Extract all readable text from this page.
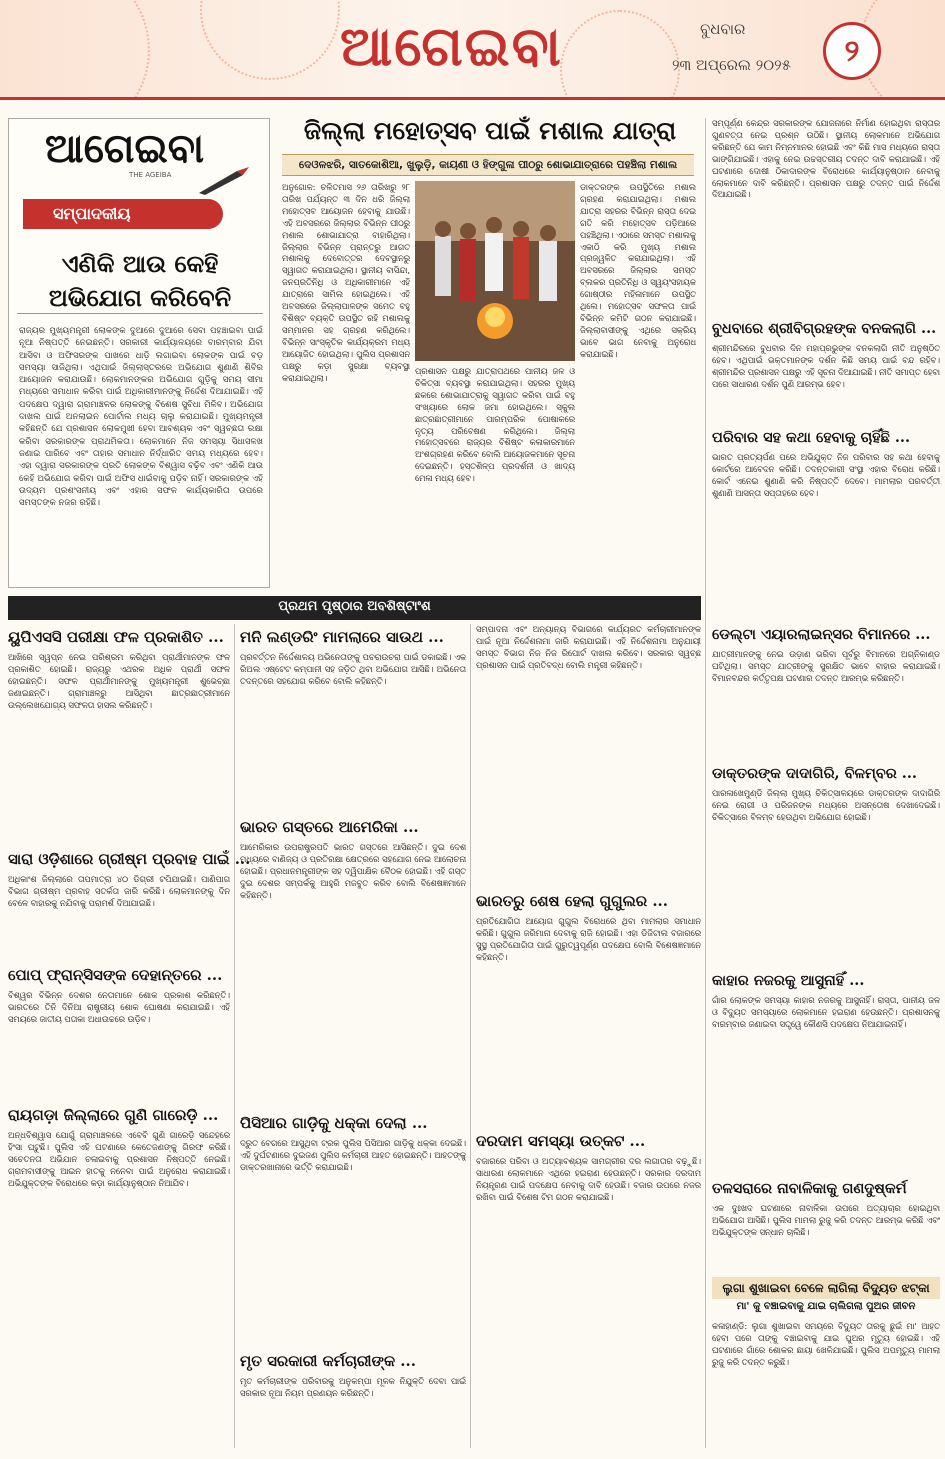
ଆଗେଇବା	ବୁଧବାର
୨୩ ଅପ୍ରେଲ ୨୦୨୫	୨
ଆଗେଇବା
THE AGEIBA
ସମ୍ପାଦକୀୟ
ଏଣିକି ଆଉ କେହି ଅଭିଯୋଗ କରିବେନି
ରାଜ୍ୟର ମୁଖ୍ୟମନ୍ତ୍ରୀ ଲୋକଙ୍କ ଦୁଆରେ ଦୁଆରେ ସେବା ପହଞ୍ଚାଇବା ପାଇଁ ନୂଆ ନିଷ୍ପତ୍ତି ନେଇଛନ୍ତି। ସରକାରୀ କାର୍ଯ୍ୟାଳୟରେ ବାରମ୍ବାର ଯିବା ଆସିବା ଓ ଅଫିସରଙ୍କ ପାଖରେ ଧାଡ଼ି ଲଗାଇବା ଲୋକଙ୍କ ପାଇଁ ବଡ଼ ସମସ୍ୟା ସାଜିଥିଲା। ଏଥିପାଇଁ ଜିଲ୍ଲାସ୍ତରରେ ଅଭିଯୋଗ ଶୁଣାଣି ଶିବିର ଆୟୋଜନ କରାଯାଉଛି। ଲୋକମାନଙ୍କର ଅଭିଯୋଗ ଗୁଡ଼ିକୁ ସମୟ ସୀମା ମଧ୍ୟରେ ସମାଧାନ କରିବା ପାଇଁ ଅଧିକାରୀମାନଙ୍କୁ ନିର୍ଦ୍ଦେଶ ଦିଆଯାଇଛି। ଏହି ପଦକ୍ଷେପ ଦ୍ୱାରା ଗ୍ରାମାଞ୍ଚଳର ଲୋକଙ୍କୁ ବିଶେଷ ସୁବିଧା ମିଳିବ। ଅଭିଯୋଗ ଦାଖଲ ପାଇଁ ଅନଲାଇନ ପୋର୍ଟାଲ ମଧ୍ୟ ଚାଲୁ କରାଯାଇଛି। ମୁଖ୍ୟମନ୍ତ୍ରୀ କହିଛନ୍ତି ଯେ ପ୍ରଶାସନ ଲୋକମୁଖୀ ହେବା ଆବଶ୍ୟକ ଏବଂ ସ୍ୱଚ୍ଛତା ରକ୍ଷା କରିବା ସରକାରଙ୍କ ପ୍ରାଥମିକତା। ଲୋକମାନେ ନିଜ ସମସ୍ୟା ସିଧାସଳଖ ଜଣାଇ ପାରିବେ ଏବଂ ତାହାର ସମାଧାନ ନିର୍ଦ୍ଧାରିତ ସମୟ ମଧ୍ୟରେ ହେବ। ଏହା ଦ୍ୱାରା ସରକାରଙ୍କ ପ୍ରତି ଲୋକଙ୍କ ବିଶ୍ୱାସ ବଢ଼ିବ ଏବଂ ଏଣିକି ଆଉ କେହି ଅଭିଯୋଗ କରିବା ପାଇଁ ଅଫିସ ଧାଇଁବାକୁ ପଡ଼ିବ ନାହିଁ। ସରକାରଙ୍କ ଏହି ଉଦ୍ୟମ ପ୍ରଶଂସନୀୟ ଏବଂ ଏହାର ସଫଳ କାର୍ଯ୍ୟକାରିତା ଉପରେ ସମସ୍ତଙ୍କ ନଜର ରହିଛି।
ଜିଲ୍ଲା ମହୋତ୍ସବ ପାଇଁ ମଶାଲ ଯାତ୍ରା
ଦେଓଳଝରି, ସାତକୋଶିଆ, ଖୁଲୁଡ଼ି, କାୟଣୀ ଓ ହିଙ୍ଗୁଳା ପୀଠରୁ ଶୋଭାଯାତ୍ରାରେ ପହଞ୍ଚିଲା ମଶାଲ
ଅନୁଗୋଳ: ଚଳିତମାସ ୨୬ ତାରିଖରୁ ୨୮ ତାରିଖ ପର୍ଯ୍ୟନ୍ତ ୩ ଦିନ ଧରି ଜିଲ୍ଲା ମହୋତ୍ସବ ଆୟୋଜନ ହେବାକୁ ଯାଉଛି। ଏହି ଅବସରରେ ଜିଲ୍ଲାର ବିଭିନ୍ନ ପୀଠରୁ ମଶାଲ ଶୋଭାଯାତ୍ରା ବାହାରିଥିଲା। ଜିଲ୍ଲାର ବିଭିନ୍ନ ପ୍ରାନ୍ତରୁ ଆଗତ ମଶାଲକୁ ଦେବୋତ୍ତର ଦେବସ୍ଥାନରୁ ସ୍ୱାଗତ କରାଯାଇଥିଲା। ସ୍ଥାନୀୟ ବାସିନ୍ଦା, ଜନପ୍ରତିନିଧି ଓ ଅଧିକାରୀମାନେ ଏହି ଯାତ୍ରାରେ ସାମିଲ ହୋଇଥିଲେ। ଏହି ଅବସରରେ ଜିଲ୍ଲାପାଳଙ୍କ ସମେତ ବହୁ ବିଶିଷ୍ଟ ବ୍ୟକ୍ତି ଉପସ୍ଥିତ ରହି ମଶାଲକୁ ସମ୍ମାନର ସହ ଗ୍ରହଣ କରିଥିଲେ। ବିଭିନ୍ନ ସାଂସ୍କୃତିକ କାର୍ଯ୍ୟକ୍ରମ ମଧ୍ୟ ଆୟୋଜିତ ହୋଇଥିଲା। ପୁଲିସ ପ୍ରଶାସନ ପକ୍ଷରୁ କଡ଼ା ସୁରକ୍ଷା ବ୍ୟବସ୍ଥା କରାଯାଇଥିଲା।
ପ୍ରଶାସନ ପକ୍ଷରୁ ଯାତ୍ରାପଥରେ ପାନୀୟ ଜଳ ଓ ଚିକିତ୍ସା ବ୍ୟବସ୍ଥା କରାଯାଇଥିଲା। ସହରର ମୁଖ୍ୟ ଛକରେ ଶୋଭାଯାତ୍ରାକୁ ସ୍ୱାଗତ କରିବା ପାଇଁ ବହୁ ସଂଖ୍ୟାରେ ଲୋକ ଜମା ହୋଇଥିଲେ। ସ୍କୁଲ ଛାତ୍ରଛାତ୍ରୀମାନେ ପାରମ୍ପରିକ ପୋଷାକରେ ନୃତ୍ୟ ପରିବେଷଣ କରିଥିଲେ। ଜିଲ୍ଲା ମହୋତ୍ସବରେ ରାଜ୍ୟର ବିଶିଷ୍ଟ କଳାକାରମାନେ ଅଂଶଗ୍ରହଣ କରିବେ ବୋଲି ଆୟୋଜକମାନେ ସୂଚନା ଦେଇଛନ୍ତି। ହସ୍ତଶିଳ୍ପ ପ୍ରଦର୍ଶନୀ ଓ ଖାଦ୍ୟ ମେଳା ମଧ୍ୟ ହେବ।
ଡାକ୍ତରଙ୍କ ଉପସ୍ଥିତିରେ ମଶାଲ ଗ୍ରହଣ କରାଯାଇଥିଲା। ମଶାଲ ଯାତ୍ରା ସହରର ବିଭିନ୍ନ ରାସ୍ତା ଦେଇ ଗତି କରି ମହୋତ୍ସବ ପଡ଼ିଆରେ ପହଞ୍ଚିଥିଲା। ଏଠାରେ ସମସ୍ତ ମଶାଲକୁ ଏକାଠି କରି ମୁଖ୍ୟ ମଶାଲ ପ୍ରଜ୍ୱଳିତ କରାଯାଇଥିଲା। ଏହି ଅବସରରେ ଜିଲ୍ଲାର ସମସ୍ତ ବ୍ଲକର ପ୍ରତିନିଧି ଓ ସ୍ୱୟଂସହାୟକ ଗୋଷ୍ଠୀର ମହିଳାମାନେ ଉପସ୍ଥିତ ଥିଲେ। ମହୋତ୍ସବ ସଫଳତା ପାଇଁ ବିଭିନ୍ନ କମିଟି ଗଠନ କରାଯାଇଛି। ଜିଲ୍ଲାବାସୀଙ୍କୁ ଏଥିରେ ସକ୍ରିୟ ଭାବେ ଭାଗ ନେବାକୁ ଅନୁରୋଧ କରାଯାଇଛି।
ସମ୍ପୂର୍ଣ୍ଣ କେନ୍ଦ୍ର ସରକାରଙ୍କ ଯୋଜନାରେ ନିର୍ମାଣ ହୋଇଥିବା ରାସ୍ତାର ଗୁଣବତ୍ତା ନେଇ ପ୍ରଶ୍ନ ଉଠିଛି। ସ୍ଥାନୀୟ ଲୋକମାନେ ଅଭିଯୋଗ କରିଛନ୍ତି ଯେ କାମ ନିମ୍ନମାନର ହୋଇଛି ଏବଂ କିଛି ମାସ ମଧ୍ୟରେ ରାସ୍ତା ଭାଙ୍ଗିଯାଇଛି। ଏହାକୁ ନେଇ ଉଚ୍ଚସ୍ତରୀୟ ତଦନ୍ତ ଦାବି କରାଯାଇଛି। ଏହି ଘଟଣାରେ ଦୋଷୀ ଠିକାଦାରଙ୍କ ବିରୋଧରେ କାର୍ଯ୍ୟାନୁଷ୍ଠାନ ନେବାକୁ ଲୋକମାନେ ଦାବି କରିଛନ୍ତି। ପ୍ରଶାସନ ପକ୍ଷରୁ ତଦନ୍ତ ପାଇଁ ନିର୍ଦ୍ଦେଶ ଦିଆଯାଇଛି।
ବୁଧବାରେ ଶ୍ରୀବିଗ୍ରହଙ୍କ ବନକଲାଗି ...
ଶ୍ରୀମନ୍ଦିରରେ ବୁଧବାର ଦିନ ମହାପ୍ରଭୁଙ୍କ ବନକଲାଗି ନୀତି ଅନୁଷ୍ଠିତ ହେବ। ଏଥିପାଇଁ ଭକ୍ତମାନଙ୍କ ଦର୍ଶନ କିଛି ସମୟ ପାଇଁ ବନ୍ଦ ରହିବ। ଶ୍ରୀମନ୍ଦିର ପ୍ରଶାସନ ପକ୍ଷରୁ ଏହି ସୂଚନା ଦିଆଯାଇଛି। ନୀତି ସମାପ୍ତ ହେବା ପରେ ସାଧାରଣ ଦର୍ଶନ ପୁଣି ଆରମ୍ଭ ହେବ।
ପରିବାର ସହ କଥା ହେବାକୁ ଚାହିଁଛି ...
ଭାରତ ପ୍ରତ୍ୟର୍ପଣ ପରେ ଅଭିଯୁକ୍ତ ନିଜ ପରିବାର ସହ କଥା ହେବାକୁ କୋର୍ଟରେ ଆବେଦନ କରିଛି। ତଦନ୍ତକାରୀ ସଂସ୍ଥା ଏହାର ବିରୋଧ କରିଛି। କୋର୍ଟ ଏନେଇ ଶୁଣାଣି କରି ନିଷ୍ପତ୍ତି ଦେବେ। ମାମଲାର ପରବର୍ତ୍ତୀ ଶୁଣାଣି ଆସନ୍ତା ସପ୍ତାହରେ ହେବ।
ଡେଲ୍ଟା ଏୟାରଲାଇନ୍ସର ବିମାନରେ ...
ଯାତ୍ରୀମାନଙ୍କୁ ନେଇ ଉଡ଼ାଣ ଭରିବା ପୂର୍ବରୁ ବିମାନରେ ଅଗ୍ନିକାଣ୍ଡ ଘଟିଥିଲା। ସମସ୍ତ ଯାତ୍ରୀଙ୍କୁ ସୁରକ୍ଷିତ ଭାବେ ବାହାର କରାଯାଇଛି। ବିମାନବନ୍ଦର କର୍ତ୍ତୃପକ୍ଷ ଘଟଣାର ତଦନ୍ତ ଆରମ୍ଭ କରିଛନ୍ତି।
ଡାକ୍ତରଙ୍କ ଦାଦାଗିରି, ବିଳମ୍ବର ...
ପାରଳାଖେମୁଣ୍ଡି ଜିଲ୍ଲା ମୁଖ୍ୟ ଚିକିତ୍ସାଳୟରେ ଡାକ୍ତରଙ୍କ ଦାଦାଗିରି ନେଇ ରୋଗୀ ଓ ପରିଜନଙ୍କ ମଧ୍ୟରେ ଅସନ୍ତୋଷ ଦେଖାଦେଇଛି। ଚିକିତ୍ସାରେ ବିଳମ୍ବ ହେଉଥିବା ଅଭିଯୋଗ ହୋଇଛି।
କାହାର ନଜରକୁ ଆସୁନାହିଁ ...
ଗାଁର ଲୋକଙ୍କ ସମସ୍ୟା କାହାର ନଜରକୁ ଆସୁନାହିଁ। ରାସ୍ତା, ପାନୀୟ ଜଳ ଓ ବିଦ୍ୟୁତ ସମସ୍ୟାରେ ଲୋକମାନେ ହଇରାଣ ହେଉଛନ୍ତି। ପ୍ରଶାସନକୁ ବାରମ୍ବାର ଜଣାଇବା ସତ୍ତ୍ୱେ କୌଣସି ପଦକ୍ଷେପ ନିଆଯାଇନାହିଁ।
ତଳସରାରେ ନାବାଳିକାକୁ ଗଣଦୁଷ୍କର୍ମ
ଏକ ଦୁଃଖଦ ଘଟଣାରେ ନାବାଳିକା ଉପରେ ଅତ୍ୟାଚାର ହୋଇଥିବା ଅଭିଯୋଗ ଆସିଛି। ପୁଲିସ ମାମଲା ରୁଜୁ କରି ତଦନ୍ତ ଆରମ୍ଭ କରିଛି ଏବଂ ଅଭିଯୁକ୍ତଙ୍କ ସନ୍ଧାନ ଚାଲିଛି।
ଲୁଗା ଶୁଖାଇବା ବେଳେ ଲାଗିଲା ବିଦ୍ୟୁତ ଝଟ୍କା
ମା' କୁ ବଞ୍ଚାଇବାକୁ ଯାଇ ଚାଲିଗଲା ପୁଅର ଜୀବନ
କଳାହାଣ୍ଡି: ଲୁଗା ଶୁଖାଇବା ସମୟରେ ବିଦ୍ୟୁତ ତାରକୁ ଛୁଇଁ ମା' ଆହତ ହେବା ପରେ ତାଙ୍କୁ ବଞ୍ଚାଇବାକୁ ଯାଇ ପୁଅର ମୃତ୍ୟୁ ହୋଇଛି। ଏହି ଘଟଣାରେ ଗାଁରେ ଶୋକର ଛାୟା ଖେଳିଯାଇଛି। ପୁଲିସ ଅପମୃତ୍ୟୁ ମାମଲା ରୁଜୁ କରି ତଦନ୍ତ କରୁଛି।
ପ୍ରଥମ ପୃଷ୍ଠାର ଅବଶିଷ୍ଟାଂଶ
ୟୁପିଏସସି ପରୀକ୍ଷା ଫଳ ପ୍ରକାଶିତ ...
ଆଖିରେ ସ୍ୱପ୍ନ ନେଇ ପରିଶ୍ରମ କରିଥିବା ପ୍ରାର୍ଥୀମାନଙ୍କ ଫଳ ପ୍ରକାଶିତ ହୋଇଛି। ରାଜ୍ୟରୁ ଏଥରକ ଅଧିକ ପ୍ରାର୍ଥୀ ସଫଳ ହୋଇଛନ୍ତି। ସଫଳ ପ୍ରାର୍ଥୀମାନଙ୍କୁ ମୁଖ୍ୟମନ୍ତ୍ରୀ ଶୁଭେଚ୍ଛା ଜଣାଇଛନ୍ତି। ଗ୍ରାମାଞ୍ଚଳରୁ ଆସିଥିବା ଛାତ୍ରଛାତ୍ରୀମାନେ ଉଲ୍ଲେଖଯୋଗ୍ୟ ସଫଳତା ହାସଲ କରିଛନ୍ତି।
ସାରା ଓଡ଼ିଶାରେ ଗ୍ରୀଷ୍ମ ପ୍ରବାହ ପାଇଁ ...
ଅଧିକାଂଶ ଜିଲ୍ଲାରେ ତାପମାତ୍ରା ୪୦ ଡିଗ୍ରୀ ଟପିଯାଇଛି। ପାଣିପାଗ ବିଭାଗ ଗ୍ରୀଷ୍ମ ପ୍ରବାହ ସତର୍କତା ଜାରି କରିଛି। ଲୋକମାନଙ୍କୁ ଦିନ ବେଳେ ବାହାରକୁ ନଯିବାକୁ ପରାମର୍ଶ ଦିଆଯାଇଛି।
ପୋପ୍ ଫ୍ରାନ୍ସିସଙ୍କ ଦେହାନ୍ତରେ ...
ବିଶ୍ୱର ବିଭିନ୍ନ ଦେଶର ନେତାମାନେ ଶୋକ ପ୍ରକାଶ କରିଛନ୍ତି। ଭାରତରେ ତିନି ଦିନିଆ ରାଷ୍ଟ୍ରୀୟ ଶୋକ ଘୋଷଣା କରାଯାଇଛି। ଏହି ସମୟରେ ଜାତୀୟ ପତାକା ଅଧାଉଚ୍ଚରେ ଉଡ଼ିବ।
ରାୟଗଡ଼ା ଜିଲ୍ଲାରେ ଗୁଣି ଗାରେଡ଼ି ...
ଅନ୍ଧବିଶ୍ୱାସ ଯୋଗୁଁ ଗ୍ରାମାଞ୍ଚଳରେ ଏବେବି ଗୁଣି ଗାରେଡ଼ି ସନ୍ଦେହରେ ହିଂସା ଘଟୁଛି। ପୁଲିସ ଏହି ଘଟଣାରେ କେତେଜଣଙ୍କୁ ଗିରଫ କରିଛି। ସଚେତନତା ଅଭିଯାନ ଚଳାଇବାକୁ ପ୍ରଶାସନ ନିଷ୍ପତ୍ତି ନେଇଛି। ଗ୍ରାମବାସୀଙ୍କୁ ଆଇନ ହାତକୁ ନନେବା ପାଇଁ ଅନୁରୋଧ କରାଯାଇଛି। ଅଭିଯୁକ୍ତଙ୍କ ବିରୋଧରେ କଡ଼ା କାର୍ଯ୍ୟାନୁଷ୍ଠାନ ନିଆଯିବ।
ମନି ଲଣ୍ଡରିଂ ମାମଲାରେ ସାଉଥ ...
ପ୍ରବର୍ତ୍ତନ ନିର୍ଦ୍ଦେଶାଳୟ ଅଭିନେତାଙ୍କୁ ପଚରାଉଚରା ପାଇଁ ଡକାଇଛି। ଏକ ରିଅଲ ଏଷ୍ଟେଟ କମ୍ପାନୀ ସହ ଜଡ଼ିତ ଥିବା ଅଭିଯୋଗ ଆସିଛି। ଅଭିନେତା ତଦନ୍ତରେ ସହଯୋଗ କରିବେ ବୋଲି କହିଛନ୍ତି।
ଭାରତ ଗସ୍ତରେ ଆମେରିକା ...
ଆମେରିକାର ଉପରାଷ୍ଟ୍ରପତି ଭାରତ ଗସ୍ତରେ ଆସିଛନ୍ତି। ଦୁଇ ଦେଶ ମଧ୍ୟରେ ବାଣିଜ୍ୟ ଓ ପ୍ରତିରକ୍ଷା କ୍ଷେତ୍ରରେ ସହଯୋଗ ନେଇ ଆଲୋଚନା ହୋଇଛି। ପ୍ରଧାନମନ୍ତ୍ରୀଙ୍କ ସହ ଦ୍ୱିପାକ୍ଷିକ ବୈଠକ ହୋଇଛି। ଏହି ଗସ୍ତ ଦୁଇ ଦେଶର ସମ୍ପର୍କକୁ ଆହୁରି ମଜବୁତ କରିବ ବୋଲି ବିଶେଷଜ୍ଞମାନେ କହିଛନ୍ତି।
ପିସିଆର ଗାଡ଼ିକୁ ଧକ୍କା ଦେଲା ...
ଦ୍ରୁତ ବେଗରେ ଆସୁଥିବା ଟ୍ରକ ପୁଲିସ ପିସିଆର ଗାଡ଼ିକୁ ଧକ୍କା ଦେଇଛି। ଏହି ଦୁର୍ଘଟଣାରେ ଦୁଇଜଣ ପୁଲିସ କର୍ମଚାରୀ ଆହତ ହୋଇଛନ୍ତି। ଆହତଙ୍କୁ ଡାକ୍ତରଖାନାରେ ଭର୍ତ୍ତି କରାଯାଇଛି।
ମୃତ ସରକାରୀ କର୍ମଚାରୀଙ୍କ ...
ମୃତ କର୍ମଚାରୀଙ୍କ ପରିବାରକୁ ଅନୁକମ୍ପା ମୂଳକ ନିଯୁକ୍ତି ଦେବା ପାଇଁ ସରକାର ନୂଆ ନିୟମ ପ୍ରଣୟନ କରିଛନ୍ତି।
ସମ୍ପାଦନା ଏବଂ ଅନ୍ୟାନ୍ୟ ବିଭାଗରେ କାର୍ଯ୍ୟରତ କର୍ମଚାରୀମାନଙ୍କ ପାଇଁ ନୂଆ ନିର୍ଦ୍ଦେଶନାମା ଜାରି କରାଯାଇଛି। ଏହି ନିର୍ଦ୍ଦେଶନାମା ଅନୁଯାୟୀ ସମସ୍ତ ବିଭାଗ ନିଜ ନିଜ ରିପୋର୍ଟ ଦାଖଲ କରିବେ। ସରକାର ସ୍ୱଚ୍ଛ ପ୍ରଶାସନ ପାଇଁ ପ୍ରତିବଦ୍ଧ ବୋଲି ମନ୍ତ୍ରୀ କହିଛନ୍ତି।
ଭାରତରୁ ଶେଷ ହେଲା ଗୁଗୁଲର ...
ପ୍ରତିଯୋଗିତା ଆୟୋଗ ଗୁଗୁଲ ବିରୋଧରେ ଥିବା ମାମଲାର ସମାଧାନ କରିଛି। ଗୁଗୁଲ ଜରିମାନା ଦେବାକୁ ରାଜି ହୋଇଛି। ଏହା ଡିଜିଟାଲ ବଜାରରେ ସୁସ୍ଥ ପ୍ରତିଯୋଗିତା ପାଇଁ ଗୁରୁତ୍ୱପୂର୍ଣ୍ଣ ପଦକ୍ଷେପ ବୋଲି ବିଶେଷଜ୍ଞମାନେ କହିଛନ୍ତି।
ଦରଦାମ ସମସ୍ୟା ଉତ୍କଟ ...
ବଜାରରେ ପରିବା ଓ ଅତ୍ୟାବଶ୍ୟକ ସାମଗ୍ରୀର ଦର ଲଗାତାର ବଢ଼ୁଛି। ସାଧାରଣ ଲୋକମାନେ ଏଥିରେ ହଇରାଣ ହେଉଛନ୍ତି। ସରକାର ଦରଦାମ ନିୟନ୍ତ୍ରଣ ପାଇଁ ପଦକ୍ଷେପ ନେବାକୁ ଦାବି ହେଉଛି। ବଜାର ଉପରେ ନଜର ରଖିବା ପାଇଁ ବିଶେଷ ଟିମ ଗଠନ କରାଯାଇଛି।
